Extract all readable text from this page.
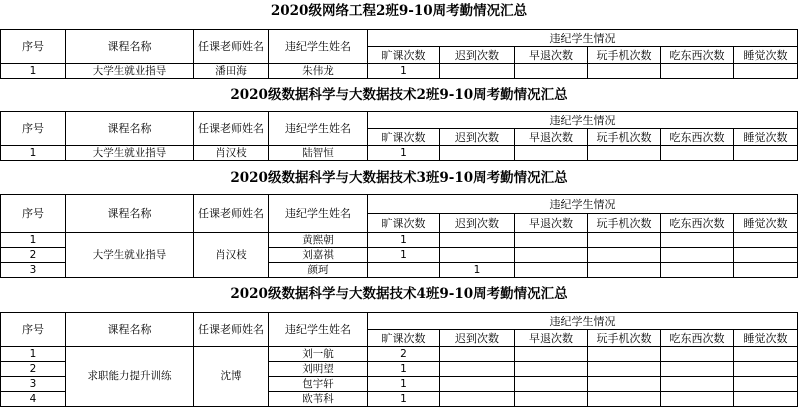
2020级网络工程2班9-10周考勤情况汇总
序号	课程名称	任课老师姓名	违纪学生姓名	违纪学生情况					
				旷课次数	迟到次数	早退次数	玩手机次数	吃东西次数	睡觉次数
1	大学生就业指导	潘田海	朱伟龙	1					
2020级数据科学与大数据技术2班9-10周考勤情况汇总
序号	课程名称	任课老师姓名	违纪学生姓名	违纪学生情况					
				旷课次数	迟到次数	早退次数	玩手机次数	吃东西次数	睡觉次数
1	大学生就业指导	肖汉枝	陆智恒	1					
2020级数据科学与大数据技术3班9-10周考勤情况汇总
序号	课程名称	任课老师姓名	违纪学生姓名	违纪学生情况					
				旷课次数	迟到次数	早退次数	玩手机次数	吃东西次数	睡觉次数
1	大学生就业指导	肖汉枝	黄熙朝	1					
2			刘嘉祺	1					
3			颜珂		1				
2020级数据科学与大数据技术4班9-10周考勤情况汇总
序号	课程名称	任课老师姓名	违纪学生姓名	违纪学生情况					
				旷课次数	迟到次数	早退次数	玩手机次数	吃东西次数	睡觉次数
1	求职能力提升训练	沈博	刘一航	2					
2			刘明望	1					
3			包宇轩	1					
4			欧苇科	1					
